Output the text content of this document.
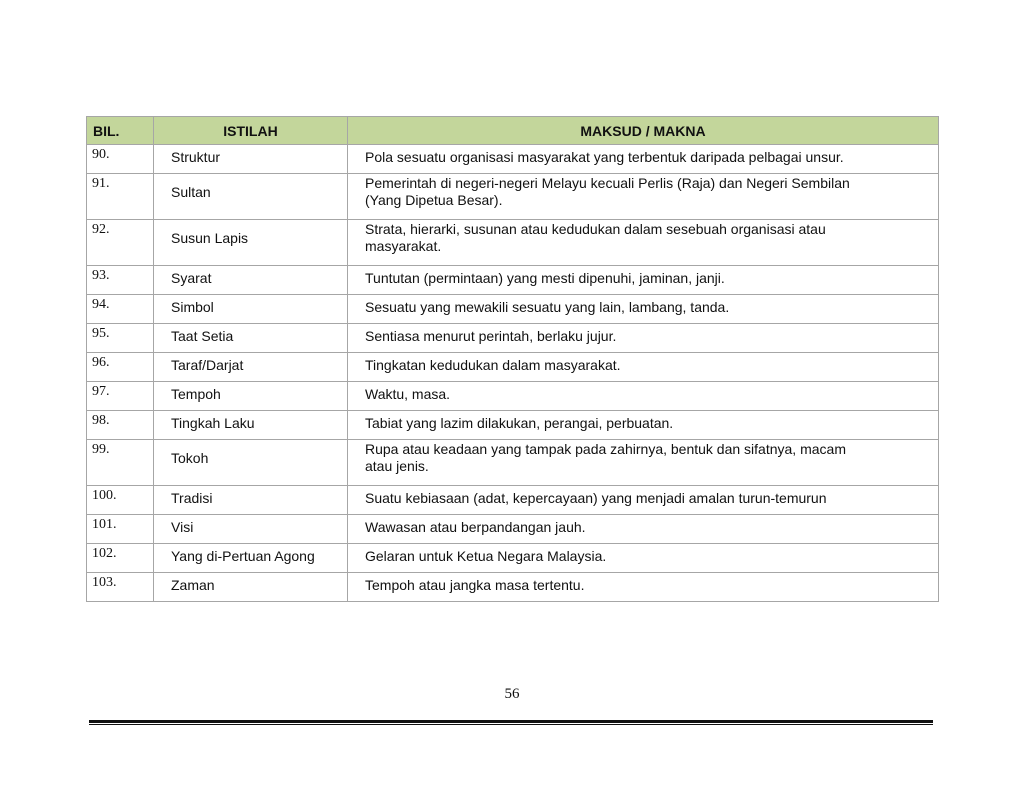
BIL.	ISTILAH	MAKSUD / MAKNA
90.	Struktur	Pola sesuatu organisasi masyarakat yang terbentuk daripada pelbagai unsur.

91.	Sultan	Pemerintah di negeri-negeri Melayu kecuali Perlis (Raja) dan Negeri Sembilan
(Yang Dipetua Besar).

92.	Susun Lapis	Strata, hierarki, susunan atau kedudukan dalam sesebuah organisasi atau
masyarakat.

93.	Syarat	Tuntutan (permintaan) yang mesti dipenuhi, jaminan, janji.

94.	Simbol	Sesuatu yang mewakili sesuatu yang lain, lambang, tanda.

95.	Taat Setia	Sentiasa menurut perintah, berlaku jujur.

96.	Taraf/Darjat	Tingkatan kedudukan dalam masyarakat.

97.	Tempoh	Waktu, masa.

98.	Tingkah Laku	Tabiat yang lazim dilakukan, perangai, perbuatan.

99.	Tokoh	Rupa atau keadaan yang tampak pada zahirnya, bentuk dan sifatnya, macam
atau jenis.

100.	Tradisi	Suatu kebiasaan (adat, kepercayaan) yang menjadi amalan turun-temurun

101.	Visi	Wawasan atau berpandangan jauh.

102.	Yang di-Pertuan Agong	Gelaran untuk Ketua Negara Malaysia.

103.	Zaman	Tempoh atau jangka masa tertentu.
56
